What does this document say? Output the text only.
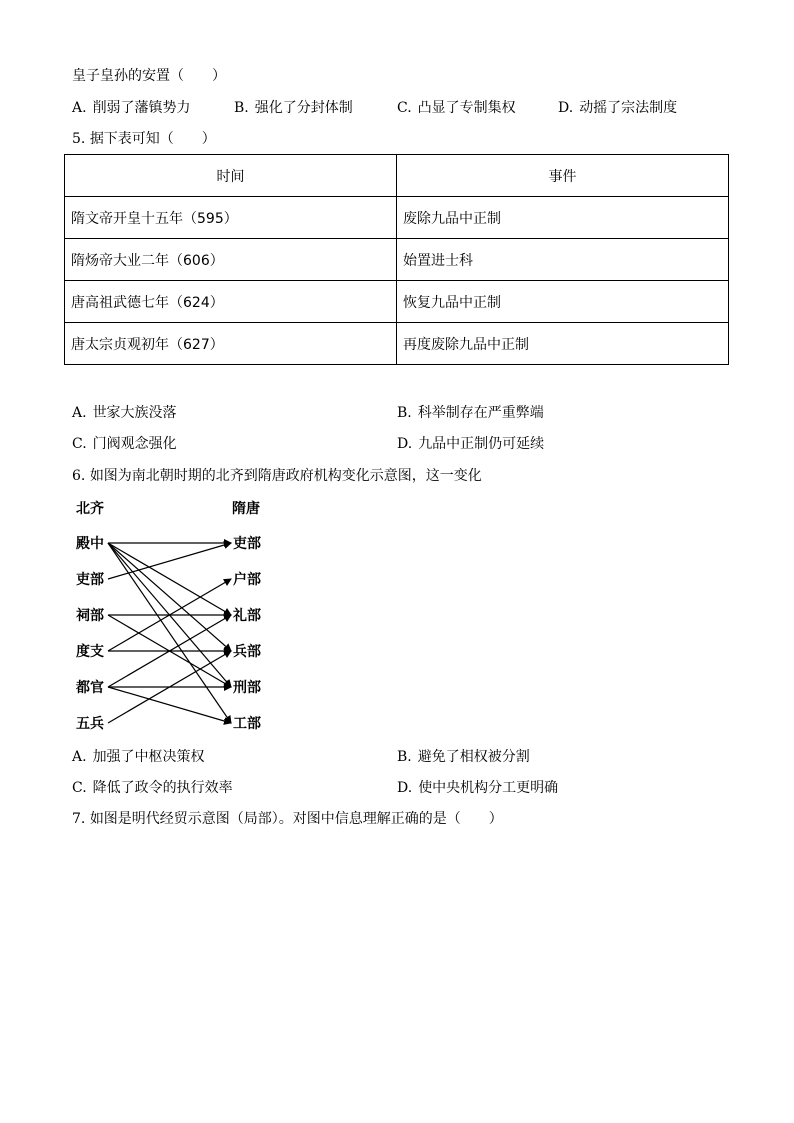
皇子皇孙的安置（　　）
A. 削弱了藩镇势力	B. 强化了分封体制	C. 凸显了专制集权	D. 动摇了宗法制度
5. 据下表可知（　　）
时间	事件
隋文帝开皇十五年（595）	废除九品中正制
隋炀帝大业二年（606）	始置进士科
唐高祖武德七年（624）	恢复九品中正制
唐太宗贞观初年（627）	再度废除九品中正制
A. 世家大族没落	B. 科举制存在严重弊端
C. 门阀观念强化	D. 九品中正制仍可延续
6. 如图为南北朝时期的北齐到隋唐政府机构变化示意图，这一变化
北齐	隋唐
殿中
吏部
祠部
度支
都官
五兵
吏部
户部
礼部
兵部
刑部
工部
A. 加强了中枢决策权	B. 避免了相权被分割
C. 降低了政令的执行效率	D. 使中央机构分工更明确
7. 如图是明代经贸示意图（局部）。对图中信息理解正确的是（　　）
